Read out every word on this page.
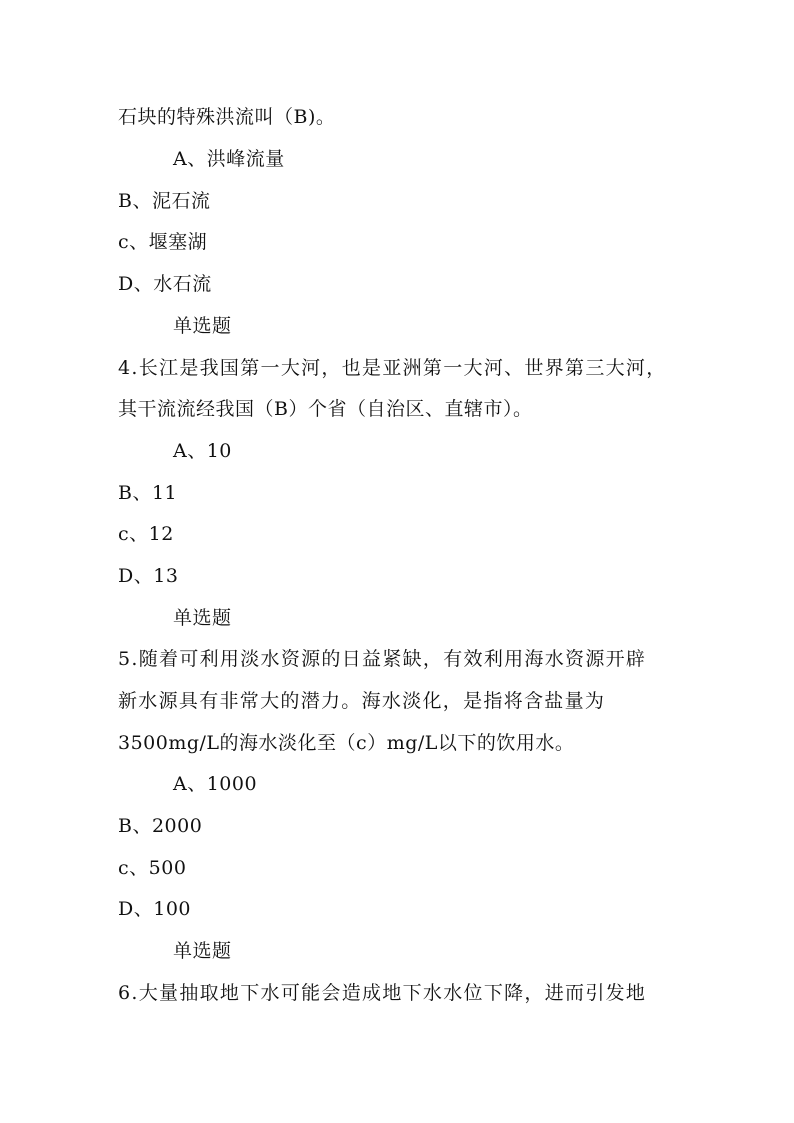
石块的特殊洪流叫（B)。
A、洪峰流量
B、泥石流
c、堰塞湖
D、水石流
单选题
4.长江是我国第一大河，也是亚洲第一大河、世界第三大河，
其干流流经我国（B）个省（自治区、直辖市）。
A、10
B、11
c、12
D、13
单选题
5.随着可利用淡水资源的日益紧缺，有效利用海水资源开辟
新水源具有非常大的潜力。海水淡化，是指将含盐量为
3500mg/L的海水淡化至（c）mg/L以下的饮用水。
A、1000
B、2000
c、500
D、100
单选题
6.大量抽取地下水可能会造成地下水水位下降，进而引发地
